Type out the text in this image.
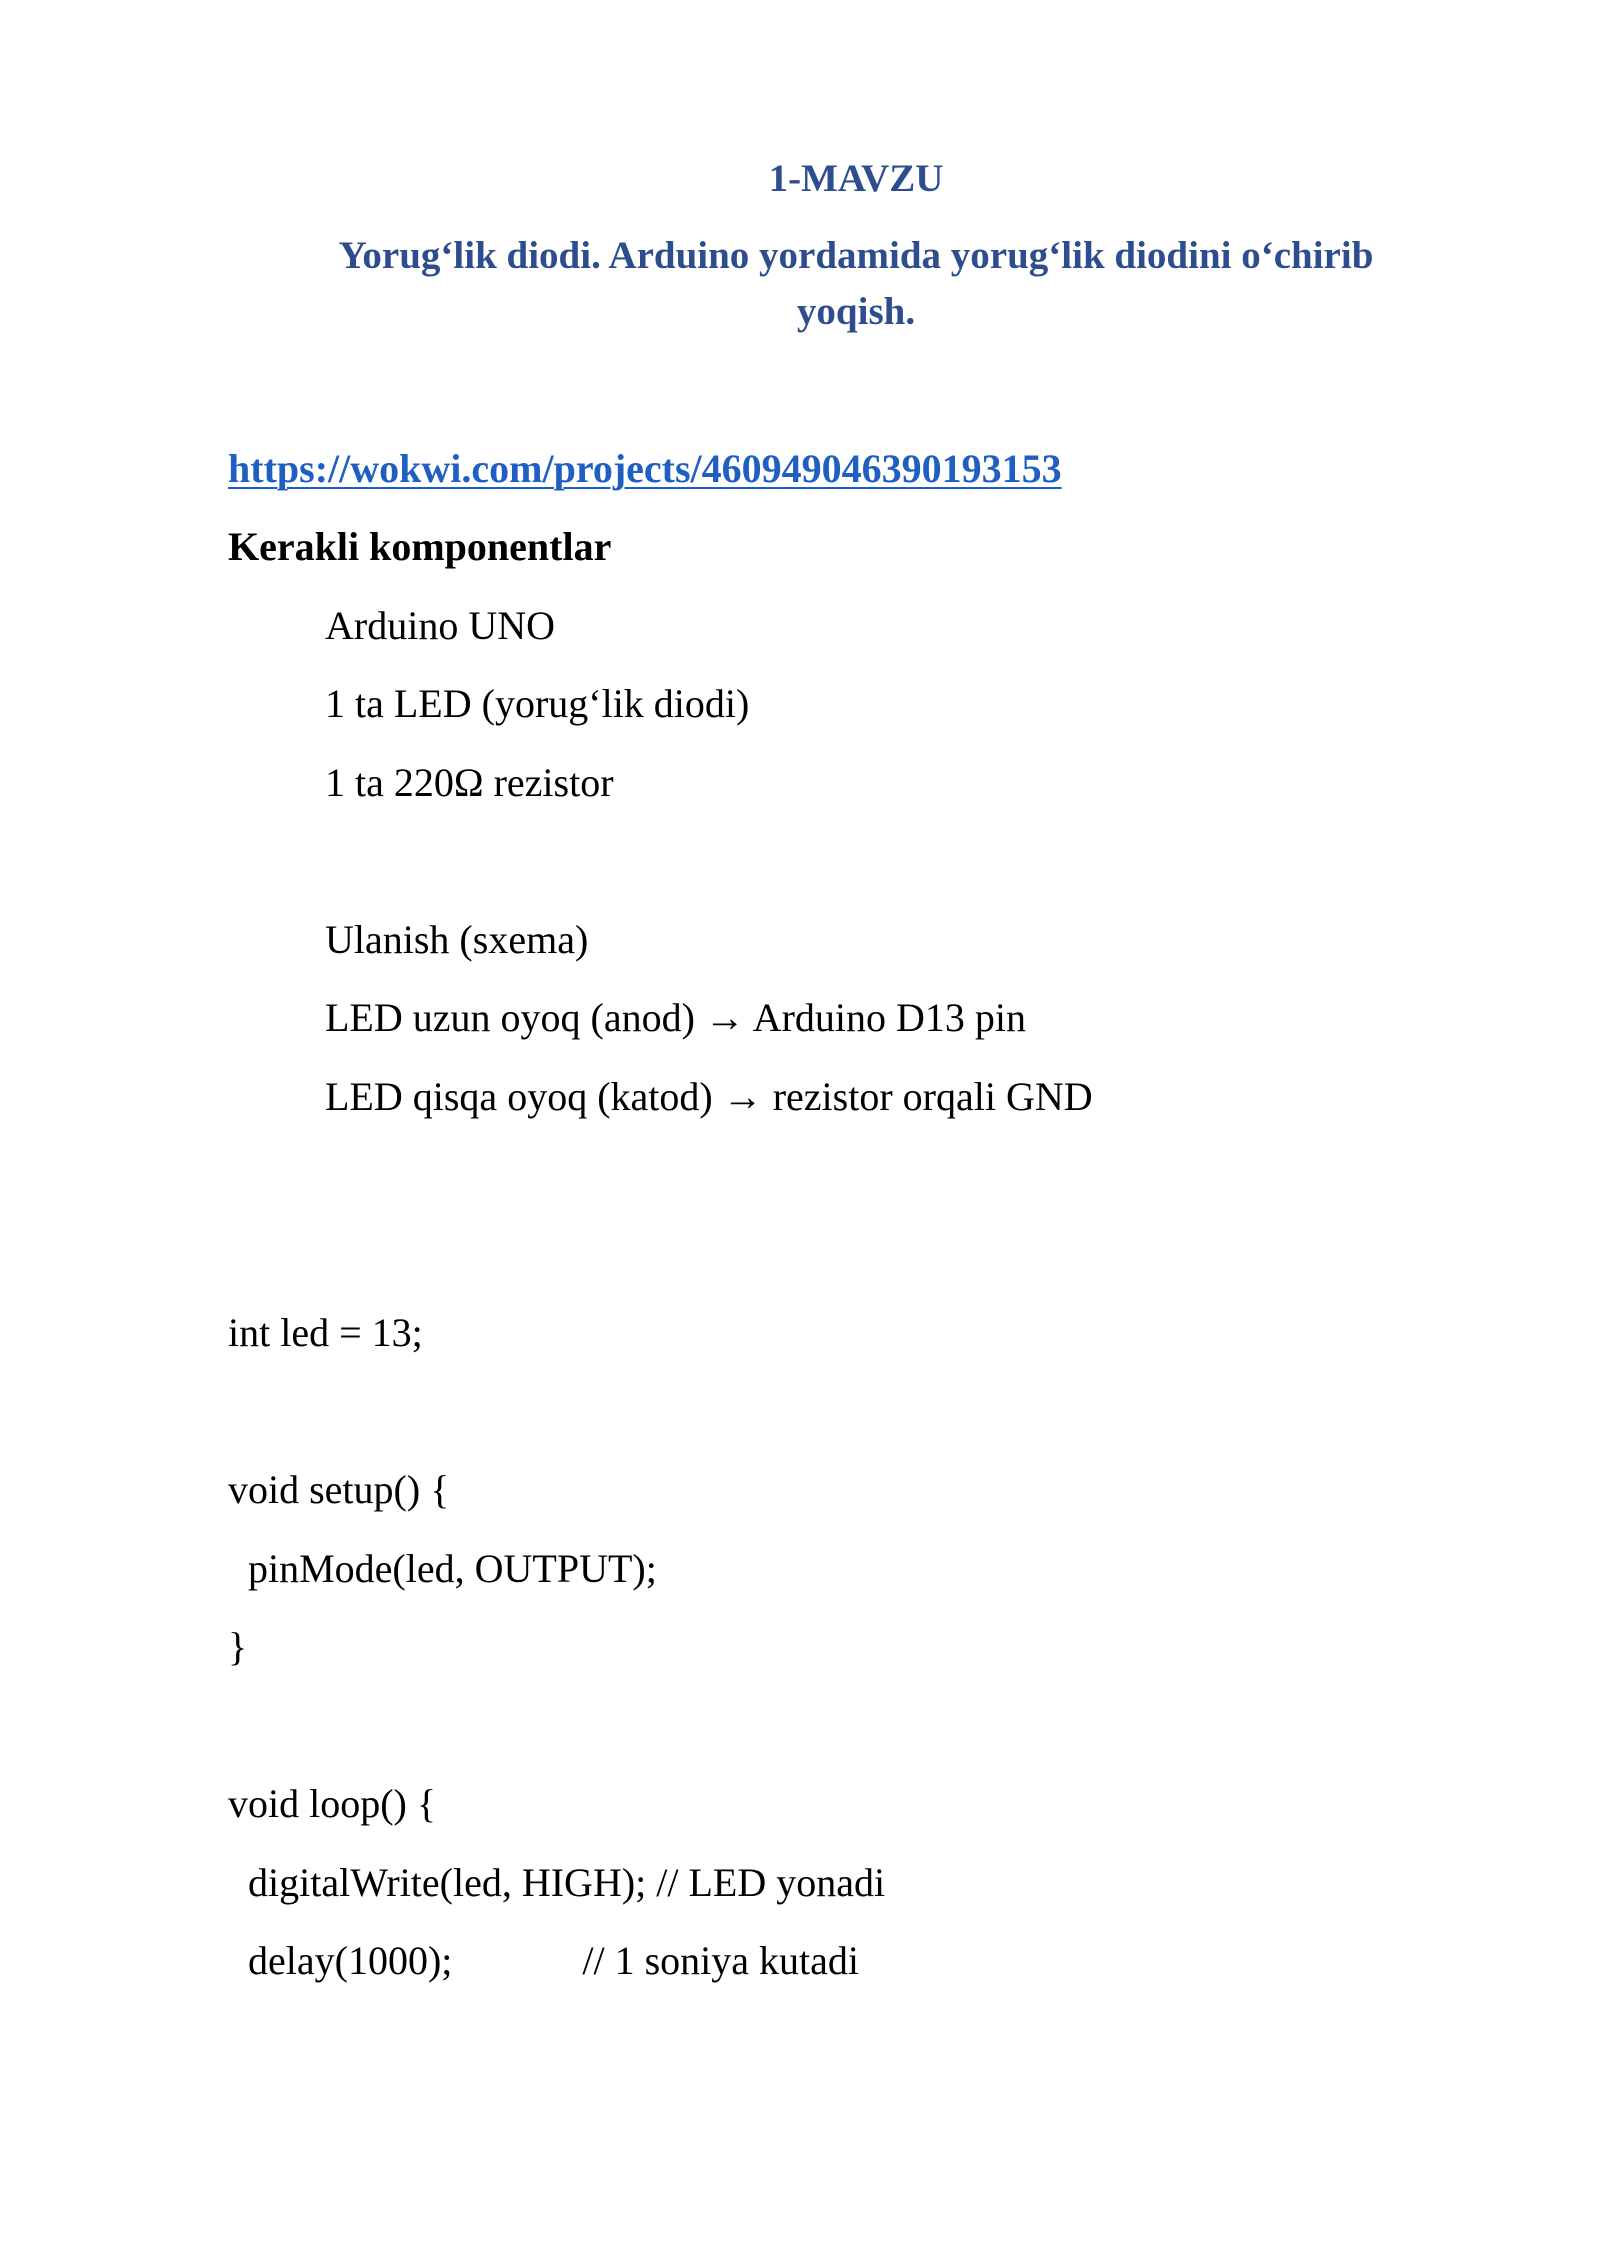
1-MAVZU
Yorug‘lik diodi. Arduino yordamida yorug‘lik diodini o‘chirib
yoqish.
https://wokwi.com/projects/460949046390193153
Kerakli komponentlar
Arduino UNO
1 ta LED (yorug‘lik diodi)
1 ta 220Ω rezistor
Ulanish (sxema)
LED uzun oyoq (anod) → Arduino D13 pin
LED qisqa oyoq (katod) → rezistor orqali GND
int led = 13;
void setup() {
pinMode(led, OUTPUT);
}
void loop() {
digitalWrite(led, HIGH); // LED yonadi
delay(1000);             // 1 soniya kutadi
